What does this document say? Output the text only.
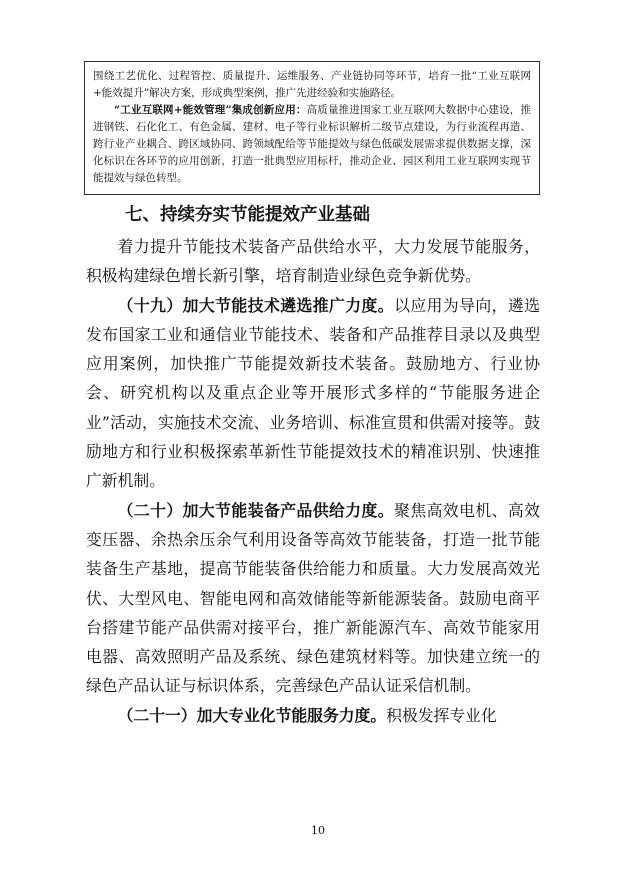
围绕工艺优化、过程管控、质量提升、运维服务、产业链协同等环节，培育一批“工业互联网+能效提升”解决方案，形成典型案例，推广先进经验和实施路径。

“工业互联网+能效管理”集成创新应用：高质量推进国家工业互联网大数据中心建设，推进钢铁、石化化工、有色金属、建材、电子等行业标识解析二级节点建设，为行业流程再造、跨行业产业耦合、跨区域协同、跨领域配给等节能提效与绿色低碳发展需求提供数据支撑，深化标识在各环节的应用创新，打造一批典型应用标杆，推动企业、园区利用工业互联网实现节能提效与绿色转型。

七、持续夯实节能提效产业基础

着力提升节能技术装备产品供给水平，大力发展节能服务，积极构建绿色增长新引擎，培育制造业绿色竞争新优势。

（十九）加大节能技术遴选推广力度。以应用为导向，遴选发布国家工业和通信业节能技术、装备和产品推荐目录以及典型应用案例，加快推广节能提效新技术装备。鼓励地方、行业协会、研究机构以及重点企业等开展形式多样的“节能服务进企业”活动，实施技术交流、业务培训、标准宣贯和供需对接等。鼓励地方和行业积极探索革新性节能提效技术的精准识别、快速推广新机制。

（二十）加大节能装备产品供给力度。聚焦高效电机、高效变压器、余热余压余气利用设备等高效节能装备，打造一批节能装备生产基地，提高节能装备供给能力和质量。大力发展高效光伏、大型风电、智能电网和高效储能等新能源装备。鼓励电商平台搭建节能产品供需对接平台，推广新能源汽车、高效节能家用电器、高效照明产品及系统、绿色建筑材料等。加快建立统一的绿色产品认证与标识体系，完善绿色产品认证采信机制。

（二十一）加大专业化节能服务力度。积极发挥专业化

10
